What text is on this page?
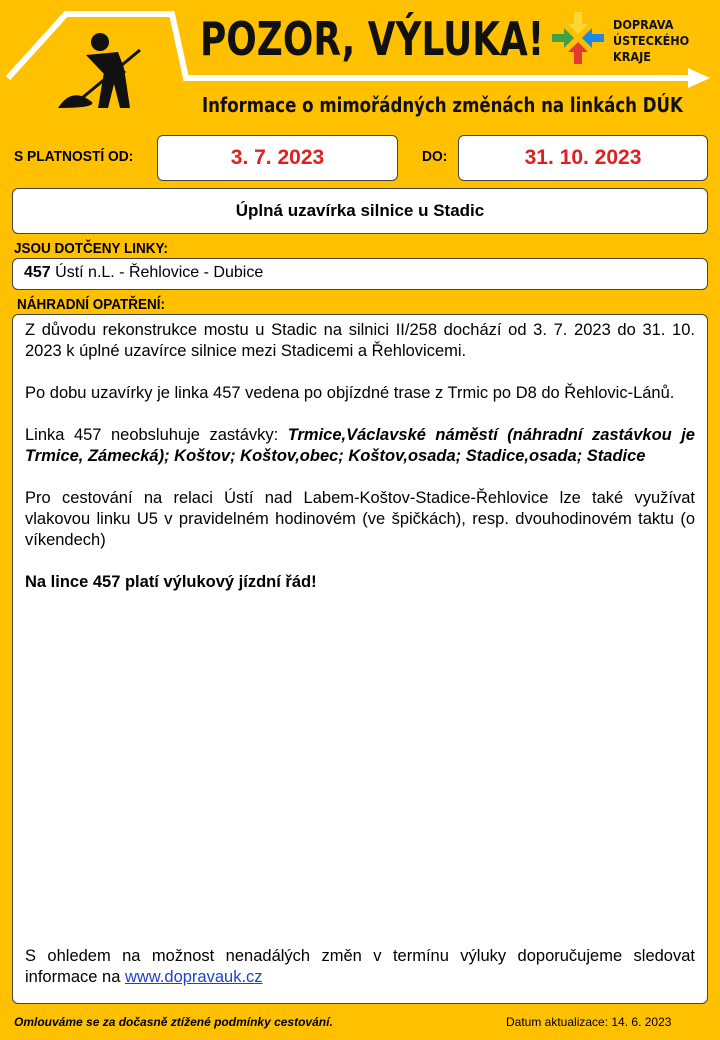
POZOR, VÝLUKA!
Informace o mimořádných změnách na linkách DÚK
DOPRAVA
ÚSTECKÉHO
KRAJE
S PLATNOSTÍ OD:	3. 7. 2023	DO:	31. 10. 2023
Úplná uzavírka silnice u Stadic
JSOU DOTČENY LINKY:
457 Ústí n.L. - Řehlovice - Dubice
NÁHRADNÍ OPATŘENÍ:

Z důvodu rekonstrukce mostu u Stadic na silnici II/258 dochází od 3. 7. 2023 do 31. 10. 2023 k úplné uzavírce silnice mezi Stadicemi a Řehlovicemi.

Po dobu uzavírky je linka 457 vedena po objízdné trase z Trmic po D8 do Řehlovic-Lánů.

Linka 457 neobsluhuje zastávky: Trmice,Václavské náměstí (náhradní zastávkou je Trmice, Zámecká); Koštov; Koštov,obec; Koštov,osada; Stadice,osada; Stadice

Pro cestování na relaci Ústí nad Labem-Koštov-Stadice-Řehlovice lze také využívat vlakovou linku U5 v pravidelném hodinovém (ve špičkách), resp. dvouhodinovém taktu (o víkendech)

Na lince 457 platí výlukový jízdní řád!

S ohledem na možnost nenadálých změn v termínu výluky doporučujeme sledovat informace na www.dopravauk.cz

Omlouváme se za dočasně ztížené podmínky cestování.	Datum aktualizace: 14. 6. 2023
